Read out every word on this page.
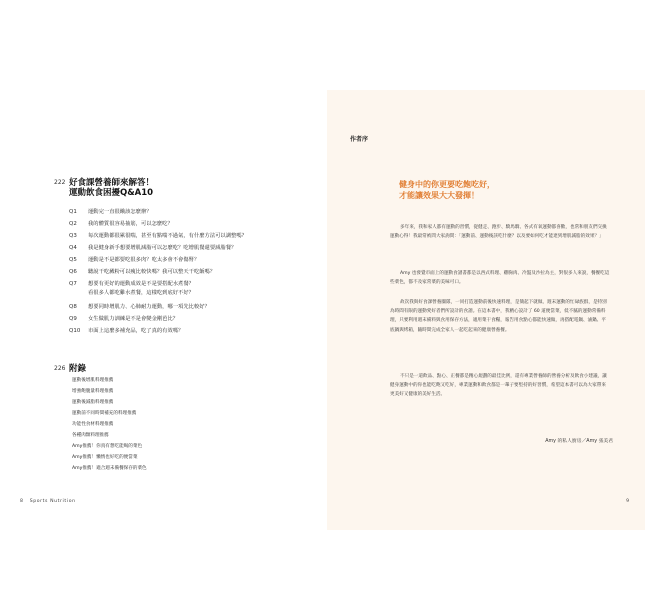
222 好食課營養師來解答！
運動飲食困擾Q&A10
Q1 運動完一直很餓該怎麼辦？
Q2 我的體質很容易抽筋，可以怎麼吃？
Q3 每次運動都很累很喘，甚至有點喘不過氣，有什麼方法可以調整嗎？
Q4 我是健身新手想要增肌減脂可以怎麼吃？吃增肌餐還要減脂餐？
Q5 運動是不是都要吃很多肉？吃太多會不會傷腎？
Q6 聽說干吃澱粉可以瘦比較快嗎？我可以整天干吃飯嗎？
Q7 想要有更好的運動成效是不是要搭配水煮餐？
看很多人都吃雞水煮餐，這樣吃到底好不好？
Q8 想要同時增肌力、心肺耐力運動，哪一項先比較好？
Q9 女生做肌力訓練是不是會變金剛芭比？
Q10 市面上這麼多補充品，吃了真的有效嗎？
226 附錄
運動後增肌料理推薦
增強飽腹量料理推薦
運動後減脂料理推薦
運動前不同時間補充的料理推薦
功能性食材料理推薦
各種肉類料理推薦
Amy推薦！你真有想吃能喝的菜色
Amy推薦！懶惰也好吃的便當菜
Amy推薦！適合週末備餐保存的菜色
8 Sports Nutrition
作者序
健身中的你更要吃飽吃好，
才能讓效果大大發揮！

多年來，我和家人都有運動的習慣，從健走、跑步、騎馬騎、各式有氧運動都喜歡，也常和朋友們交換運動心得！我最常被問大家詢問：「運動前、運動後該吃什麼？以及要如何吃才能達到增肌減脂的效果？」

Amy 也發覺市面上的運動食譜書都是以西式料理、雞胸肉、冷盤及沙拉為主，對很多人來說，餐餐吃這些菜色，都不及家常菜的美味可口。

故次我與好食課營養團隊，一同打造運動前後快速料理，是簡起下就做、週末運動的忙碌族群，是特別為時間有限的運動愛好者們所設計的食譜。在這本書中，我精心設計了 60 道便當菜，低不膩的運動常備料理，只要利用週末備料與食用保存方法，適用菜干食糧，報告用食點心都能快速做，再搭配電鍋、滷鍋、平底鍋與烤箱，隨時間完成全家人一起吃起來的健康營養餐。

不只是一道飲品、點心、正餐都是精心規劃的最佳比例，還有專業營養師的營養分析及飲食小建議，讓健身運動中的你也能吃飽又吃好，專業運動和飲食都是一輩子要堅持的好習慣，希望這本書可以為大家帶來更美好又健康的美好生活。

Amy 的私人廚房／Amy 張美君
9
